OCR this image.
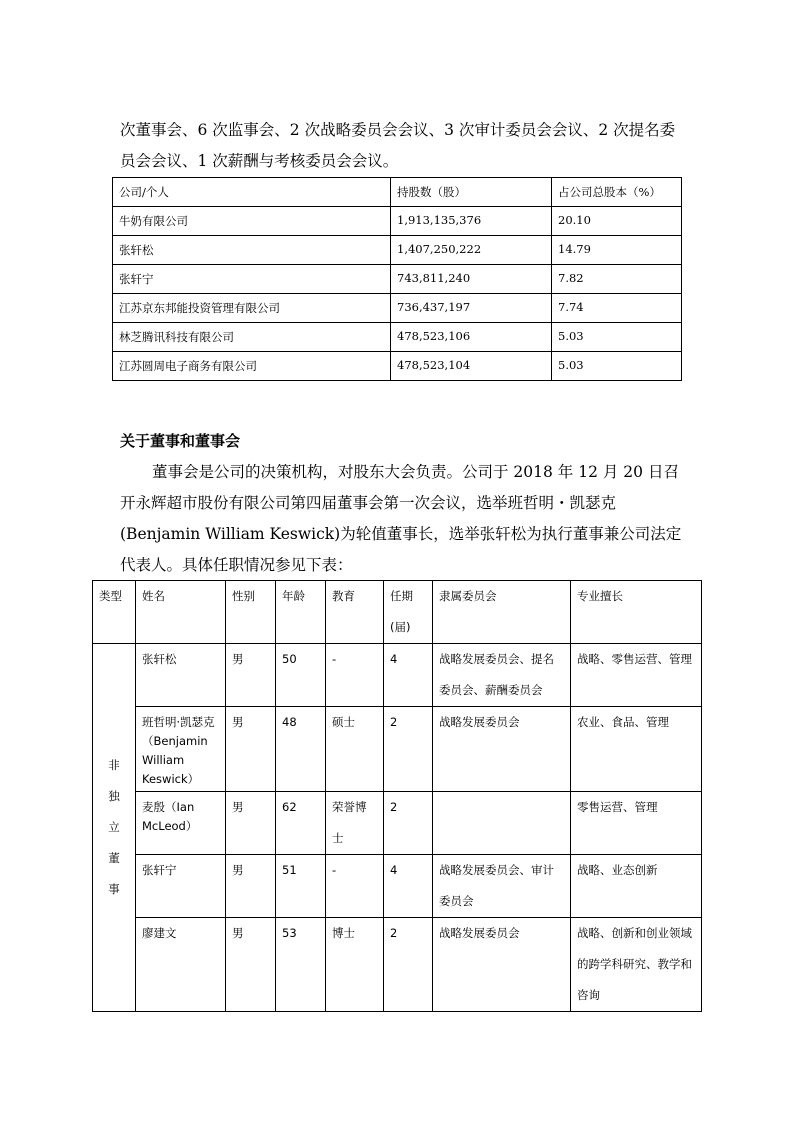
次董事会、6 次监事会、2 次战略委员会会议、3 次审计委员会会议、2 次提名委
员会会议、1 次薪酬与考核委员会会议。
公司/个人	持股数（股）	占公司总股本（%）
牛奶有限公司	1,913,135,376	20.10
张轩松	1,407,250,222	14.79
张轩宁	743,811,240	7.82
江苏京东邦能投资管理有限公司	736,437,197	7.74
林芝腾讯科技有限公司	478,523,106	5.03
江苏圆周电子商务有限公司	478,523,104	5.03
关于董事和董事会
董事会是公司的决策机构，对股东大会负责。公司于 2018 年 12 月 20 日召
开永辉超市股份有限公司第四届董事会第一次会议，选举班哲明・凯瑟克
(Benjamin William Keswick)为轮值董事长，选举张轩松为执行董事兼公司法定
代表人。具体任职情况参见下表：
类型	姓名	性别	年龄	教育	任期(届)	隶属委员会	专业擅长
非独立董事	张轩松	男	50	-	4	战略发展委员会、提名委员会、薪酬委员会	战略、零售运营、管理
班哲明·凯瑟克（Benjamin William Keswick）	男	48	硕士	2	战略发展委员会	农业、食品、管理
麦殷（Ian McLeod）	男	62	荣誉博士	2		零售运营、管理
张轩宁	男	51	-	4	战略发展委员会、审计委员会	战略、业态创新
廖建文	男	53	博士	2	战略发展委员会	战略、创新和创业领域的跨学科研究、教学和咨询
